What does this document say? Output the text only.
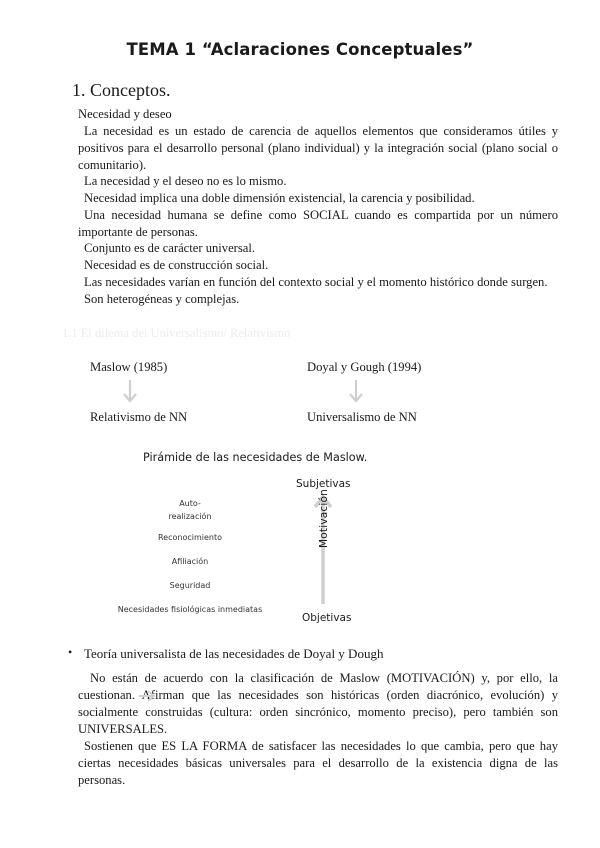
TEMA 1 “Aclaraciones Conceptuales”
1. Conceptos.
Necesidad y deseo
La necesidad es un estado de carencia de aquellos elementos que consideramos útiles y positivos para el desarrollo personal (plano individual) y la integración social (plano social o comunitario).
La necesidad y el deseo no es lo mismo.
Necesidad implica una doble dimensión existencial, la carencia y posibilidad.
Una necesidad humana se define como SOCIAL cuando es compartida por un número importante de personas.
Conjunto es de carácter universal.
Necesidad es de construcción social.
Las necesidades varían en función del contexto social y el momento histórico donde surgen.
Son heterogéneas y complejas.
1.1 El dilema del Universalismo/ Relativismo
Maslow (1985)	Doyal y Gough (1994)
Relativismo de NN	Universalismo de NN
Pirámide de las necesidades de Maslow.
Subjetivas
Auto-
realización
Reconocimiento
Afiliación
Seguridad
Necesidades fisiológicas inmediatas
Motivación
Objetivas
• Teoría universalista de las necesidades de Doyal y Dough
No están de acuerdo con la clasificación de Maslow (MOTIVACIÓN) y, por ello, la cuestionan. Afirman que las necesidades son históricas (orden diacrónico, evolución) y socialmente construidas (cultura: orden sincrónico, momento preciso), pero también son UNIVERSALES.
Sostienen que ES LA FORMA de satisfacer las necesidades lo que cambia, pero que hay ciertas necesidades básicas universales para el desarrollo de la existencia digna de las personas.
